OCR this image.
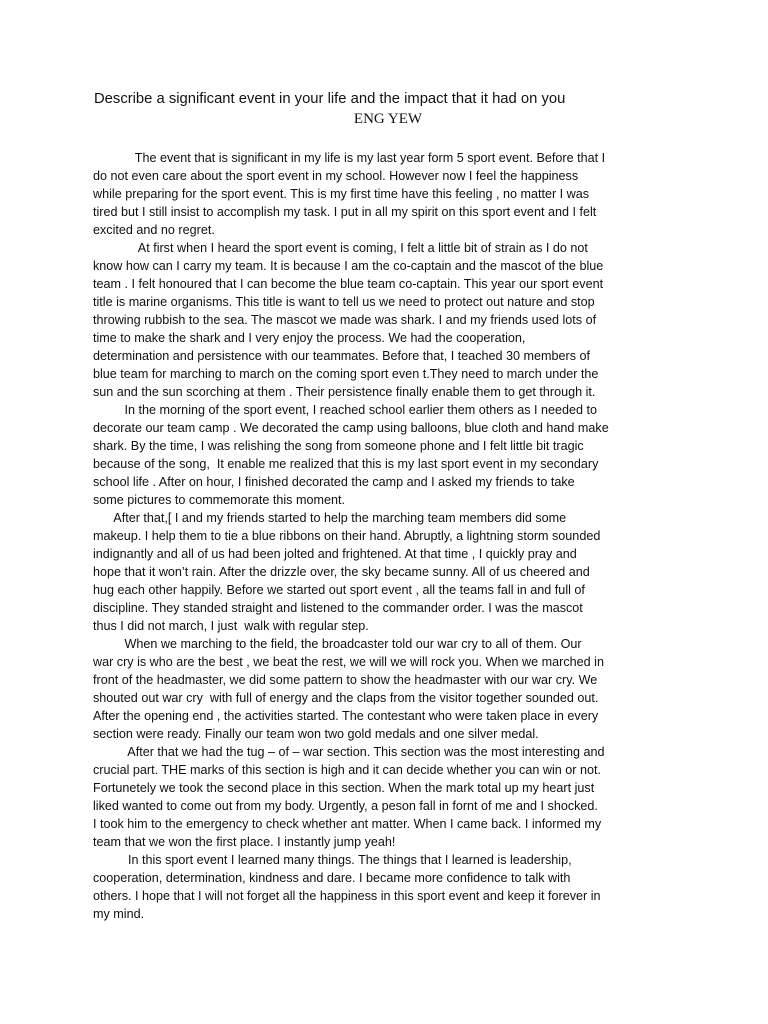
Describe a significant event in your life and the impact that it had on you
ENG YEW
The event that is significant in my life is my last year form 5 sport event. Before that I
do not even care about the sport event in my school. However now I feel the happiness
while preparing for the sport event. This is my first time have this feeling , no matter I was
tired but I still insist to accomplish my task. I put in all my spirit on this sport event and I felt
excited and no regret.
At first when I heard the sport event is coming, I felt a little bit of strain as I do not
know how can I carry my team. It is because I am the co-captain and the mascot of the blue
team . I felt honoured that I can become the blue team co-captain. This year our sport event
title is marine organisms. This title is want to tell us we need to protect out nature and stop
throwing rubbish to the sea. The mascot we made was shark. I and my friends used lots of
time to make the shark and I very enjoy the process. We had the cooperation,
determination and persistence with our teammates. Before that, I teached 30 members of
blue team for marching to march on the coming sport even t.They need to march under the
sun and the sun scorching at them . Their persistence finally enable them to get through it.
In the morning of the sport event, I reached school earlier them others as I needed to
decorate our team camp . We decorated the camp using balloons, blue cloth and hand make
shark. By the time, I was relishing the song from someone phone and I felt little bit tragic
because of the song,  It enable me realized that this is my last sport event in my secondary
school life . After on hour, I finished decorated the camp and I asked my friends to take
some pictures to commemorate this moment.
After that,[ I and my friends started to help the marching team members did some
makeup. I help them to tie a blue ribbons on their hand. Abruptly, a lightning storm sounded
indignantly and all of us had been jolted and frightened. At that time , I quickly pray and
hope that it won’t rain. After the drizzle over, the sky became sunny. All of us cheered and
hug each other happily. Before we started out sport event , all the teams fall in and full of
discipline. They standed straight and listened to the commander order. I was the mascot
thus I did not march, I just  walk with regular step.
When we marching to the field, the broadcaster told our war cry to all of them. Our
war cry is who are the best , we beat the rest, we will we will rock you. When we marched in
front of the headmaster, we did some pattern to show the headmaster with our war cry. We
shouted out war cry  with full of energy and the claps from the visitor together sounded out.
After the opening end , the activities started. The contestant who were taken place in every
section were ready. Finally our team won two gold medals and one silver medal.
After that we had the tug – of – war section. This section was the most interesting and
crucial part. THE marks of this section is high and it can decide whether you can win or not.
Fortunetely we took the second place in this section. When the mark total up my heart just
liked wanted to come out from my body. Urgently, a peson fall in fornt of me and I shocked.
I took him to the emergency to check whether ant matter. When I came back. I informed my
team that we won the first place. I instantly jump yeah!
In this sport event I learned many things. The things that I learned is leadership,
cooperation, determination, kindness and dare. I became more confidence to talk with
others. I hope that I will not forget all the happiness in this sport event and keep it forever in
my mind.
